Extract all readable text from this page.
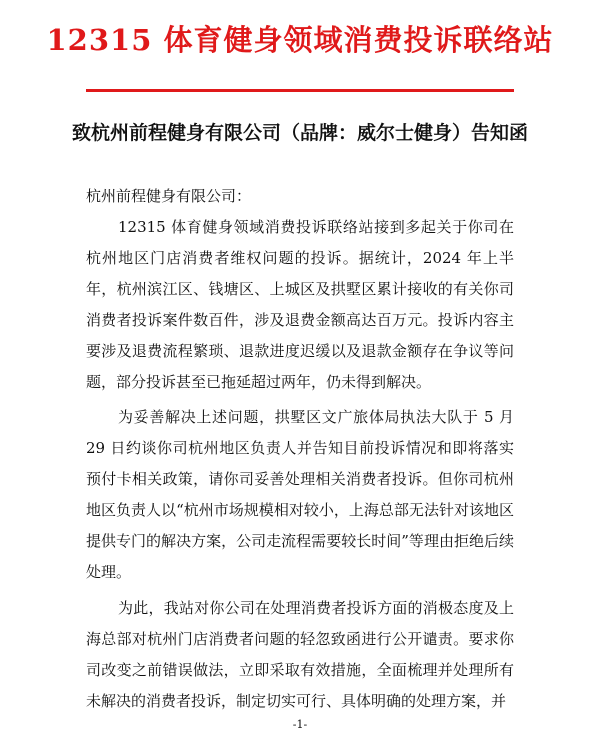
12315 体育健身领域消费投诉联络站
致杭州前程健身有限公司（品牌：威尔士健身）告知函
杭州前程健身有限公司：
12315 体育健身领域消费投诉联络站接到多起关于你司在杭州地区门店消费者维权问题的投诉。据统计，2024 年上半年，杭州滨江区、钱塘区、上城区及拱墅区累计接收的有关你司消费者投诉案件数百件，涉及退费金额高达百万元。投诉内容主要涉及退费流程繁琐、退款进度迟缓以及退款金额存在争议等问题，部分投诉甚至已拖延超过两年，仍未得到解决。
为妥善解决上述问题，拱墅区文广旅体局执法大队于 5 月 29 日约谈你司杭州地区负责人并告知目前投诉情况和即将落实预付卡相关政策，请你司妥善处理相关消费者投诉。但你司杭州地区负责人以“杭州市场规模相对较小，上海总部无法针对该地区提供专门的解决方案，公司走流程需要较长时间”等理由拒绝后续处理。
为此，我站对你公司在处理消费者投诉方面的消极态度及上海总部对杭州门店消费者问题的轻忽致函进行公开谴责。要求你司改变之前错误做法，立即采取有效措施，全面梳理并处理所有未解决的消费者投诉，制定切实可行、具体明确的处理方案，并
-1-
